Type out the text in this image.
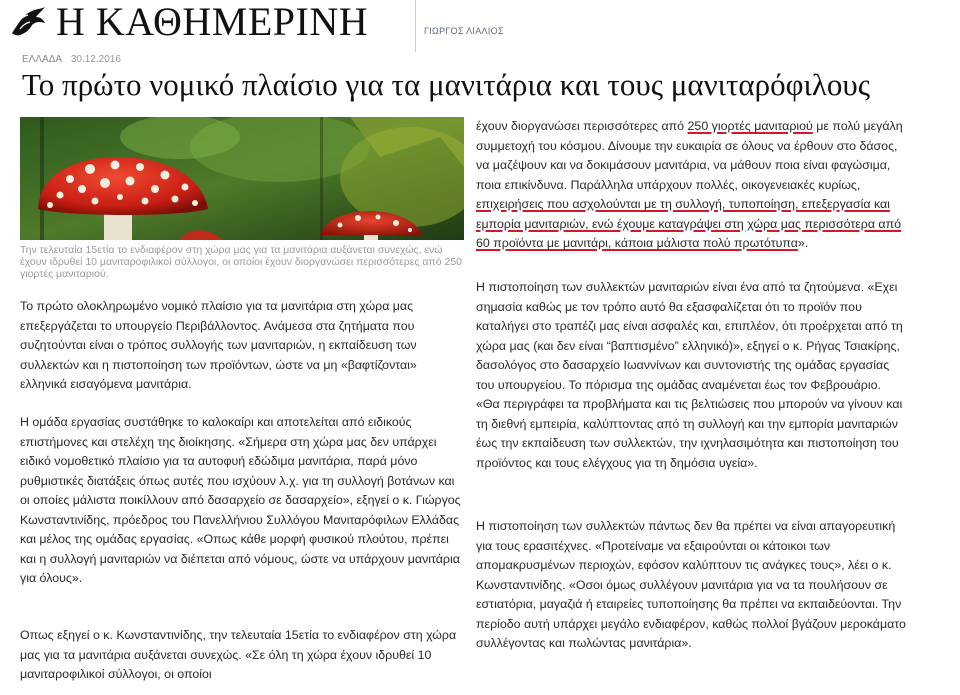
Η ΚΑΘΗΜΕΡΙΝΗ	ΓΙΩΡΓΟΣ ΛΙΑΛΙΟΣ
ΕΛΛΑΔΑ 30.12.2016
Το πρώτο νομικό πλαίσιο για τα μανιτάρια και τους μανιταρόφιλους
Την τελευταία 15ετία το ενδιαφέρον στη χώρα μας για τα μανιτάρια αυξάνεται συνεχώς, ενώ έχουν ιδρυθεί 10 μανιταροφιλικοί σύλλογοι, οι οποίοι έχουν διοργανώσει περισσότερες από 250 γιορτές μανιταριού.

Το πρώτο ολοκληρωμένο νομικό πλαίσιο για τα μανιτάρια στη χώρα μας επεξεργάζεται το υπουργείο Περιβάλλοντος. Ανάμεσα στα ζητήματα που συζητούνται είναι ο τρόπος συλλογής των μανιταριών, η εκπαίδευση των συλλεκτών και η πιστοποίηση των προϊόντων, ώστε να μη «βαφτίζονται» ελληνικά εισαγόμενα μανιτάρια.

Η ομάδα εργασίας συστάθηκε το καλοκαίρι και αποτελείται από ειδικούς επιστήμονες και στελέχη της διοίκησης. «Σήμερα στη χώρα μας δεν υπάρχει ειδικό νομοθετικό πλαίσιο για τα αυτοφυή εδώδιμα μανιτάρια, παρά μόνο ρυθμιστικές διατάξεις όπως αυτές που ισχύουν λ.χ. για τη συλλογή βοτάνων και οι οποίες μάλιστα ποικίλλουν από δασαρχείο σε δασαρχείο», εξηγεί ο κ. Γιώργος Κωνσταντινίδης, πρόεδρος του Πανελλήνιου Συλλόγου Μανιταρόφιλων Ελλάδας και μέλος της ομάδας εργασίας. «Οπως κάθε μορφή φυσικού πλούτου, πρέπει και η συλλογή μανιταριών να διέπεται από νόμους, ώστε να υπάρχουν μανιτάρια για όλους».

Οπως εξηγεί ο κ. Κωνσταντινίδης, την τελευταία 15ετία το ενδιαφέρον στη χώρα μας για τα μανιτάρια αυξάνεται συνεχώς. «Σε όλη τη χώρα έχουν ιδρυθεί 10 μανιταροφιλικοί σύλλογοι, οι οποίοι

έχουν διοργανώσει περισσότερες από 250 γιορτές μανιταριού με πολύ μεγάλη συμμετοχή του κόσμου. Δίνουμε την ευκαιρία σε όλους να έρθουν στο δάσος, να μαζέψουν και να δοκιμάσουν μανιτάρια, να μάθουν ποια είναι φαγώσιμα, ποια επικίνδυνα. Παράλληλα υπάρχουν πολλές, οικογενειακές κυρίως, επιχειρήσεις που ασχολούνται με τη συλλογή, τυποποίηση, επεξεργασία και εμπορία μανιταριών, ενώ έχουμε καταγράψει στη χώρα μας περισσότερα από 60 προϊόντα με μανιτάρι, κάποια μάλιστα πολύ πρωτότυπα».

Η πιστοποίηση των συλλεκτών μανιταριών είναι ένα από τα ζητούμενα. «Εχει σημασία καθώς με τον τρόπο αυτό θα εξασφαλίζεται ότι το προϊόν που καταλήγει στο τραπέζι μας είναι ασφαλές και, επιπλέον, ότι προέρχεται από τη χώρα μας (και δεν είναι “βαπτισμένο” ελληνικό)», εξηγεί ο κ. Ρήγας Τσιακίρης, δασολόγος στο δασαρχείο Ιωαννίνων και συντονιστής της ομάδας εργασίας του υπουργείου. Το πόρισμα της ομάδας αναμένεται έως τον Φεβρουάριο. «Θα περιγράφει τα προβλήματα και τις βελτιώσεις που μπορούν να γίνουν και τη διεθνή εμπειρία, καλύπτοντας από τη συλλογή και την εμπορία μανιταριών έως την εκπαίδευση των συλλεκτών, την ιχνηλασιμότητα και πιστοποίηση του προϊόντος και τους ελέγχους για τη δημόσια υγεία».

Η πιστοποίηση των συλλεκτών πάντως δεν θα πρέπει να είναι απαγορευτική για τους ερασιτέχνες. «Προτείναμε να εξαιρούνται οι κάτοικοι των απομακρυσμένων περιοχών, εφόσον καλύπτουν τις ανάγκες τους», λέει ο κ. Κωνσταντινίδης. «Οσοι όμως συλλέγουν μανιτάρια για να τα πουλήσουν σε εστιατόρια, μαγαζιά ή εταιρείες τυποποίησης θα πρέπει να εκπαιδεύονται. Την περίοδο αυτή υπάρχει μεγάλο ενδιαφέρον, καθώς πολλοί βγάζουν μεροκάματο συλλέγοντας και πωλώντας μανιτάρια».
